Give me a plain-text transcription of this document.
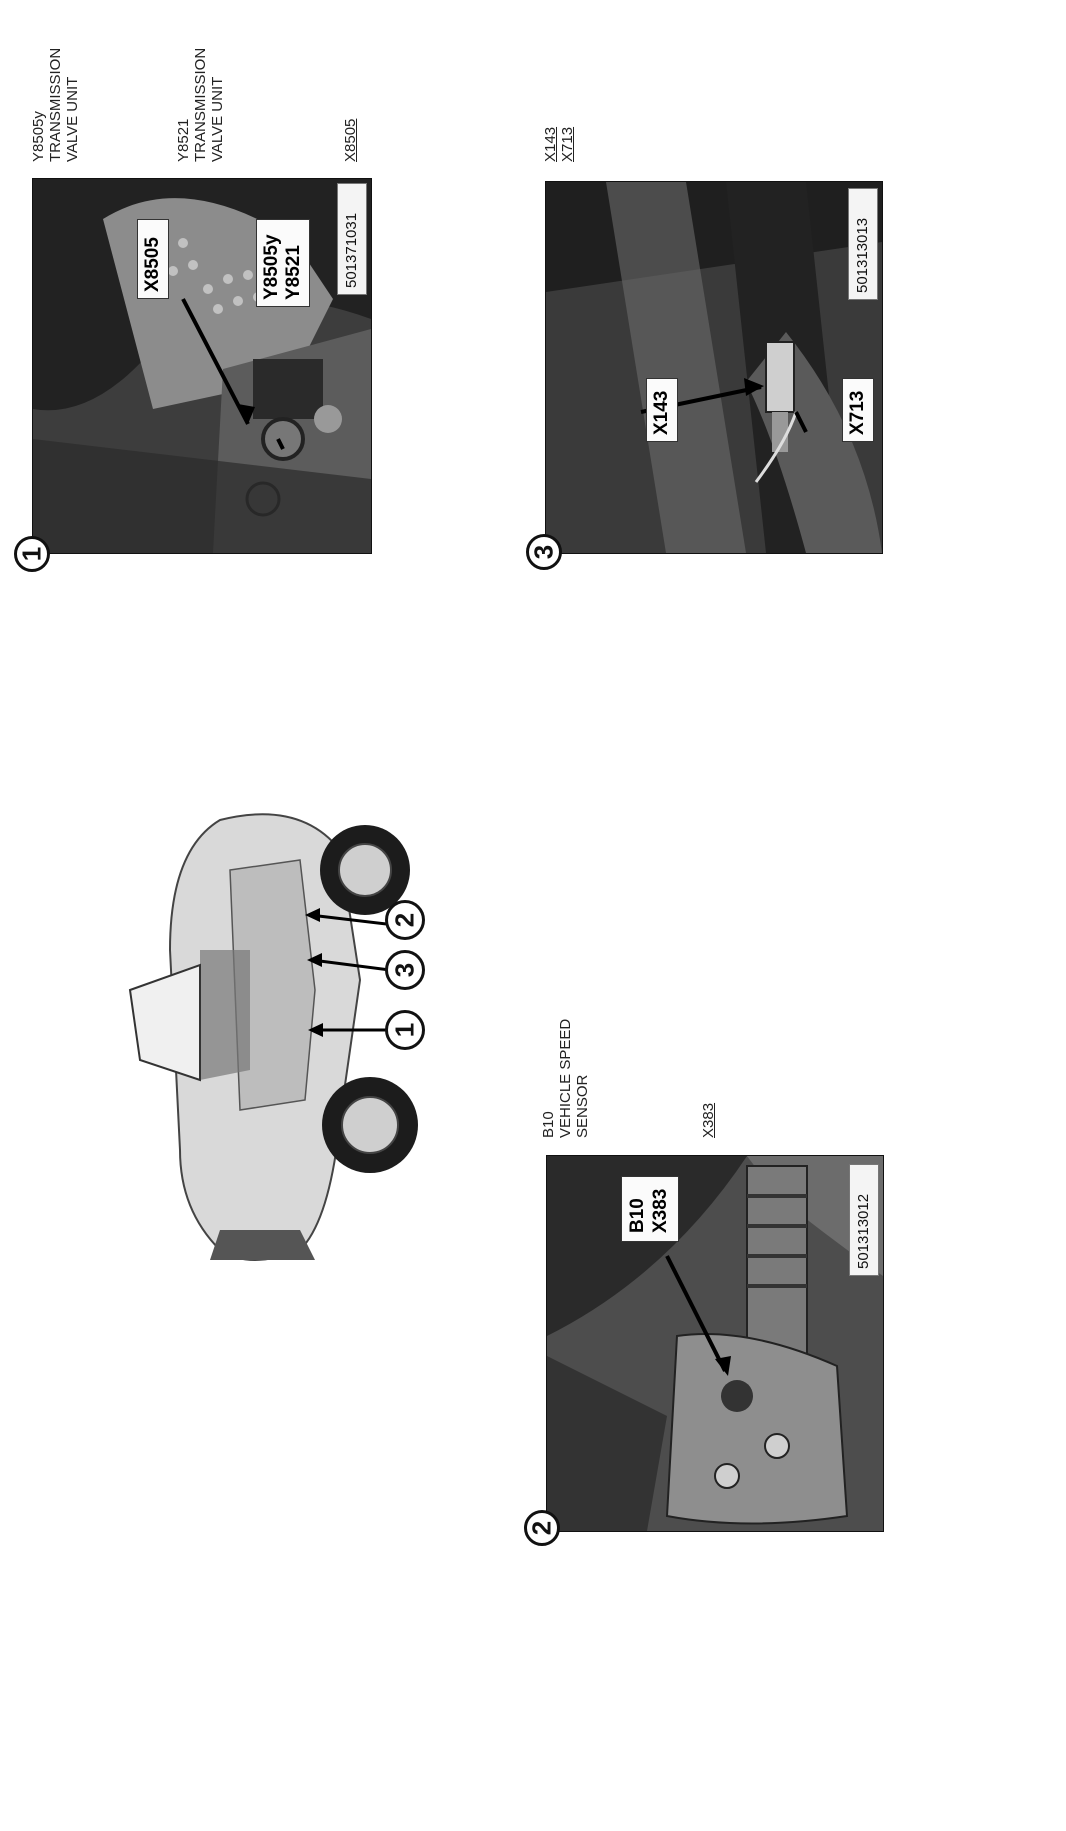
Y8505y TRANSMISSION VALVE UNIT	Y8521 TRANSMISSION VALVE UNIT	X8505	X143 X713
B10 VEHICLE SPEED SENSOR	X383
X8505	Y8505y Y8521	501371031
1
X143	X713
501313013
3
2
3
1
B10 X383	501313012
2
